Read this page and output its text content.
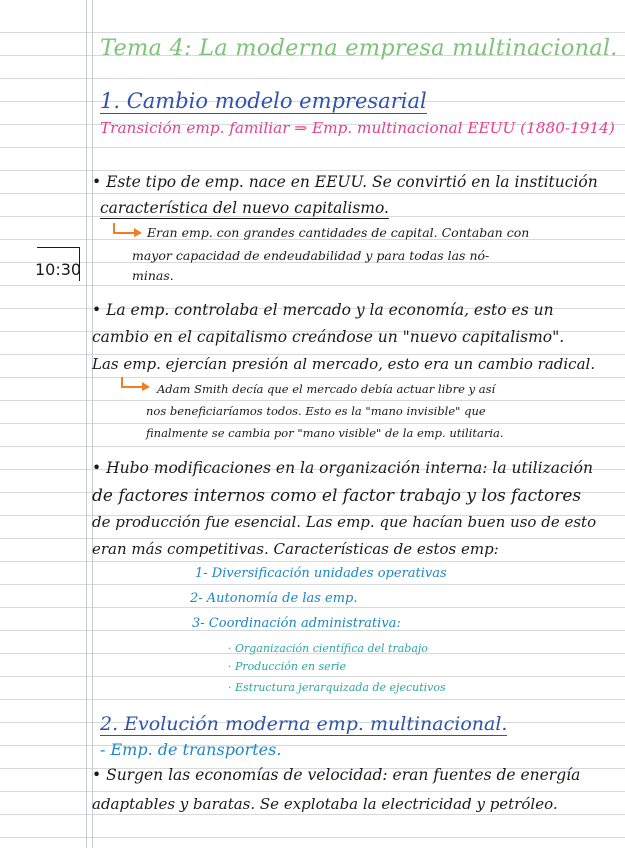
Tema 4: La moderna empresa multinacional.
10:30
1. Cambio modelo empresarial
Transición emp. familiar ⇒ Emp. multinacional EEUU (1880-1914)
• Este tipo de emp. nace en EEUU. Se convirtió en la institución
característica del nuevo capitalismo.
Eran emp. con grandes cantidades de capital. Contaban con
mayor capacidad de endeudabilidad y para todas las nó-
minas.
• La emp. controlaba el mercado y la economía, esto es un
cambio en el capitalismo creándose un "nuevo capitalismo".
Las emp. ejercían presión al mercado, esto era un cambio radical.
Adam Smith decía que el mercado debía actuar libre y así
nos beneficiaríamos todos. Esto es la "mano invisible" que
finalmente se cambia por "mano visible" de la emp. utilitaria.
• Hubo modificaciones en la organización interna: la utilización
de factores internos como el factor trabajo y los factores
de producción fue esencial. Las emp. que hacían buen uso de esto
eran más competitivas. Características de estos emp:
1- Diversificación unidades operativas
2- Autonomía de las emp.
3- Coordinación administrativa:
· Organización científica del trabajo
· Producción en serie
· Estructura jerarquizada de ejecutivos
2. Evolución moderna emp. multinacional.
- Emp. de transportes.
• Surgen las economías de velocidad: eran fuentes de energía
adaptables y baratas. Se explotaba la electricidad y petróleo.
